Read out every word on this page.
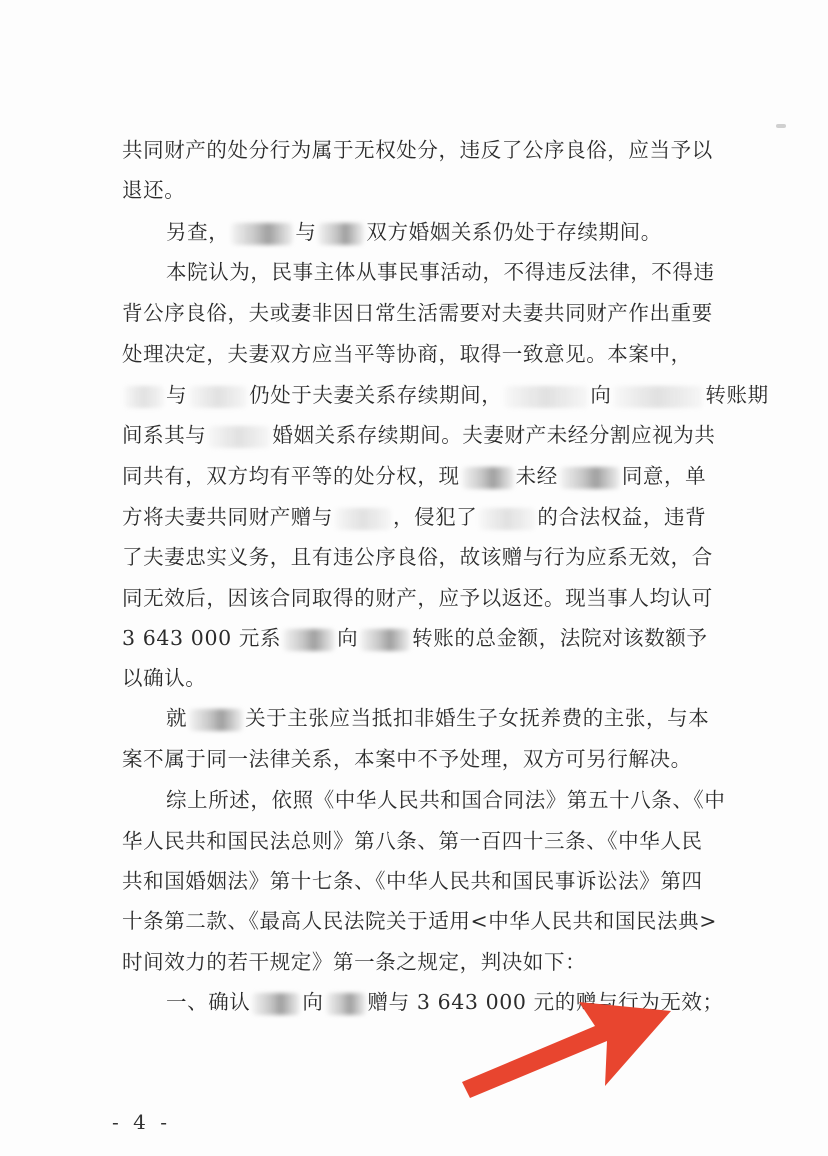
共同财产的处分行为属于无权处分，违反了公序良俗，应当予以
退还。
另查，	与 双方婚姻关系仍处于存续期间。
本院认为，民事主体从事民事活动，不得违反法律，不得违
背公序良俗，夫或妻非因日常生活需要对夫妻共同财产作出重要
处理决定，夫妻双方应当平等协商，取得一致意见。本案中，
与	仍处于夫妻关系存续期间，	向	转账期
间系其与	婚姻关系存续期间。夫妻财产未经分割应视为共
同共有，双方均有平等的处分权，现	未经	同意，单
方将夫妻共同财产赠与	，侵犯了	的合法权益，违背
了夫妻忠实义务，且有违公序良俗，故该赠与行为应系无效，合
同无效后，因该合同取得的财产，应予以返还。现当事人均认可
3 643 000 元系	向	转账的总金额，法院对该数额予
以确认。
就	关于主张应当抵扣非婚生子女抚养费的主张，与本
案不属于同一法律关系，本案中不予处理，双方可另行解决。
综上所述，依照《中华人民共和国合同法》第五十八条、《中
华人民共和国民法总则》第八条、第一百四十三条、《中华人民
共和国婚姻法》第十七条、《中华人民共和国民事诉讼法》第四
十条第二款、《最高人民法院关于适用<中华人民共和国民法典>
时间效力的若干规定》第一条之规定，判决如下：
一、确认	向 赠与 3 643 000 元的赠与行为无效；
- 4 -
